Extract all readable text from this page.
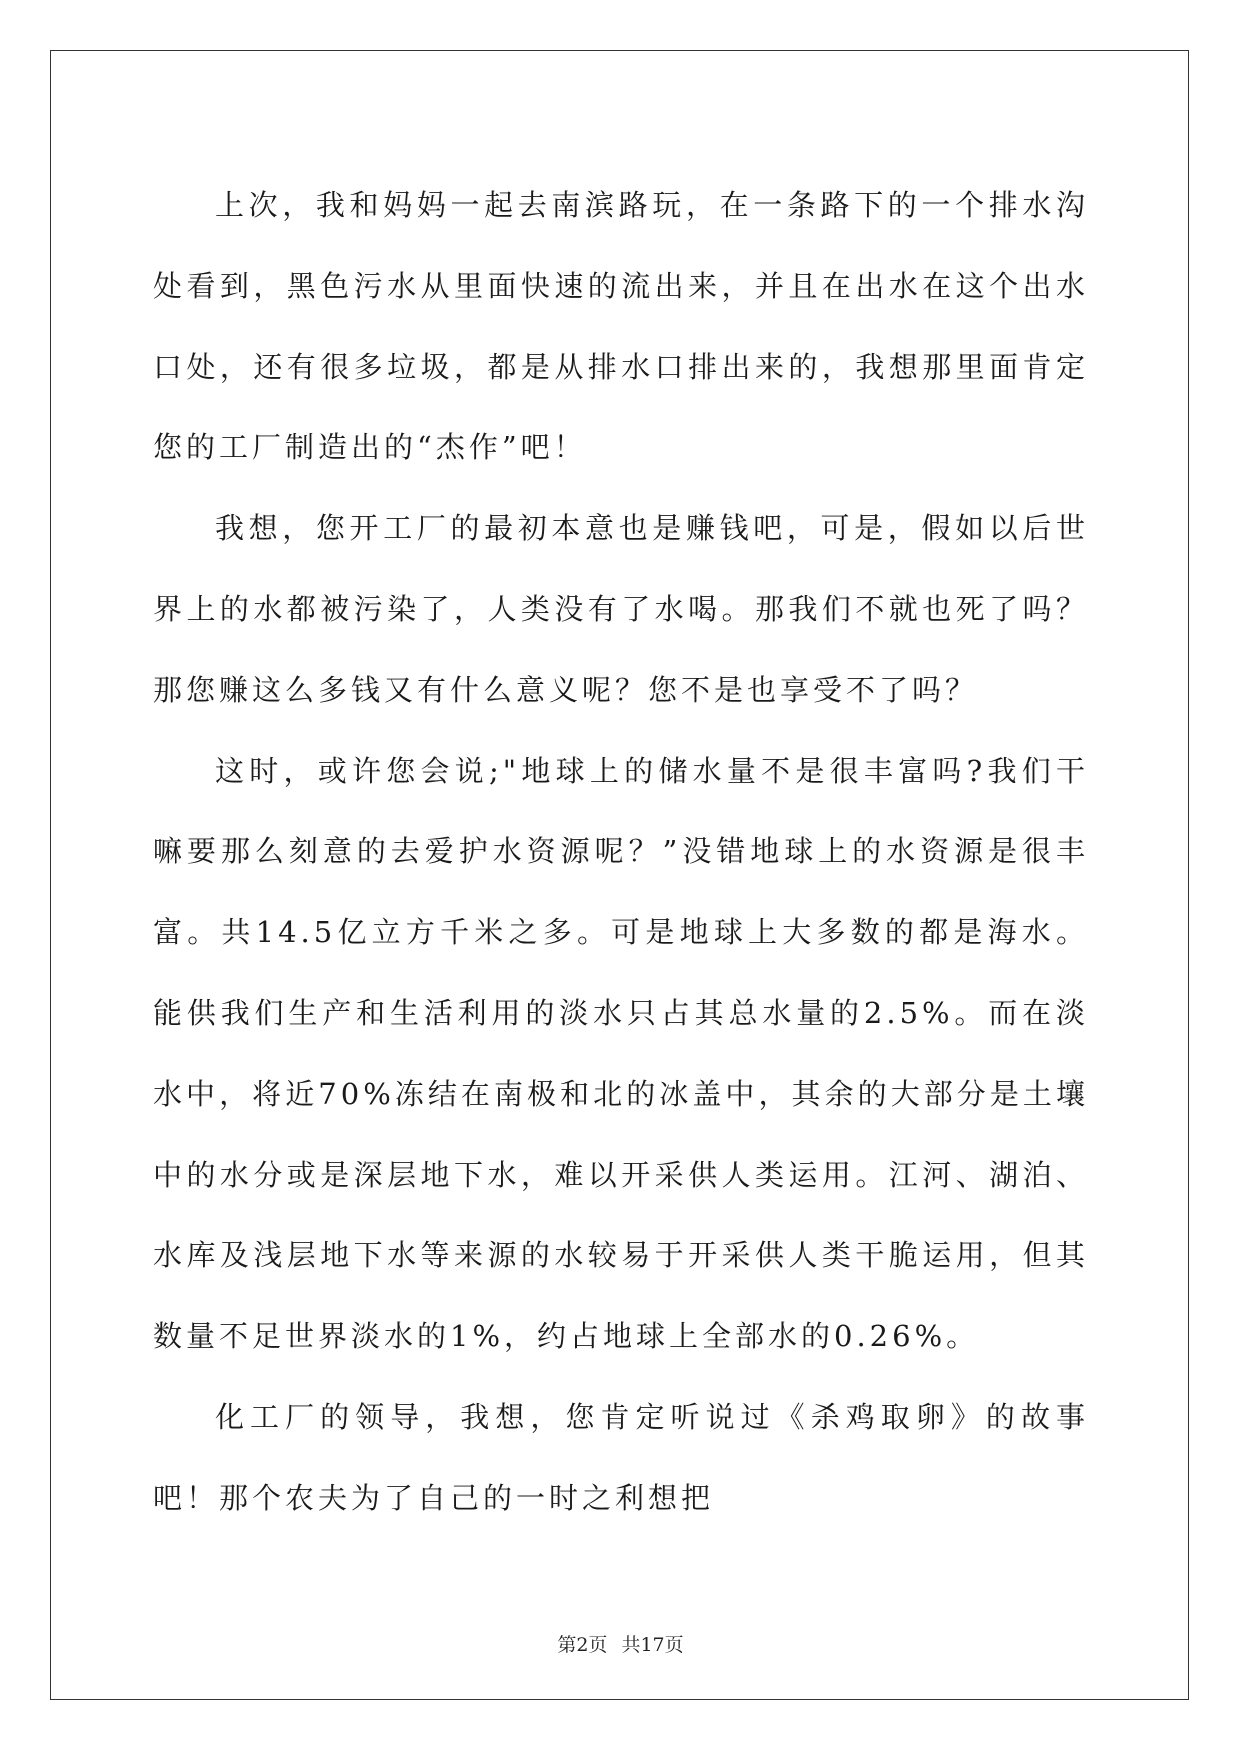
上次，我和妈妈一起去南滨路玩，在一条路下的一个排水沟处看到，黑色污水从里面快速的流出来，并且在出水在这个出水口处，还有很多垃圾，都是从排水口排出来的，我想那里面肯定您的工厂制造出的“杰作”吧！

我想，您开工厂的最初本意也是赚钱吧，可是，假如以后世界上的水都被污染了，人类没有了水喝。那我们不就也死了吗？那您赚这么多钱又有什么意义呢？您不是也享受不了吗？

这时，或许您会说;"地球上的储水量不是很丰富吗?我们干嘛要那么刻意的去爱护水资源呢？”没错地球上的水资源是很丰富。共14.5亿立方千米之多。可是地球上大多数的都是海水。能供我们生产和生活利用的淡水只占其总水量的2.5%。而在淡水中，将近70%冻结在南极和北的冰盖中，其余的大部分是土壤中的水分或是深层地下水，难以开采供人类运用。江河、湖泊、水库及浅层地下水等来源的水较易于开采供人类干脆运用，但其数量不足世界淡水的1%，约占地球上全部水的0.26%。

化工厂的领导，我想，您肯定听说过《杀鸡取卵》的故事吧！那个农夫为了自己的一时之利想把

第2页 共17页
